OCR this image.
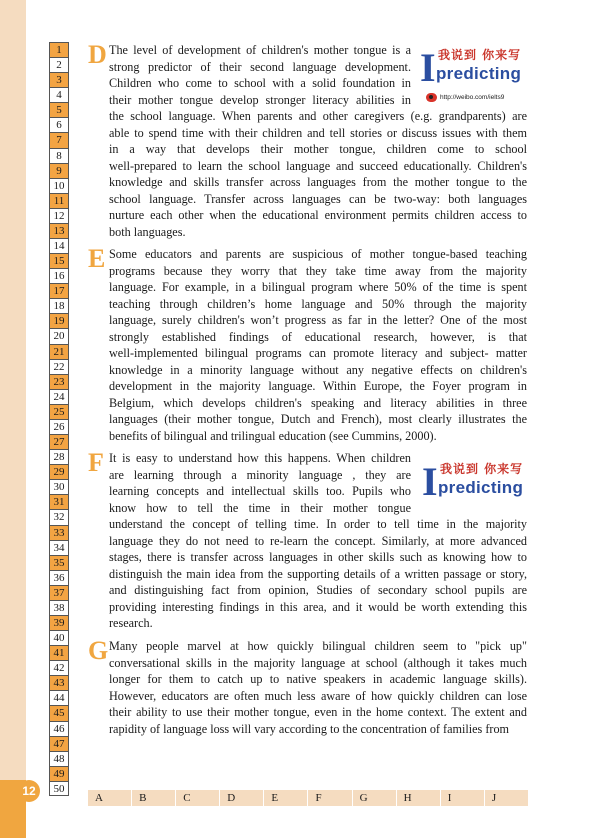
12
1
2
3
4
5
6
7
8
9
10
11
12
13
14
15
16
17
18
19
20
21
22
23
24
25
26
27
28
29
30
31
32
33
34
35
36
37
38
39
40
41
42
43
44
45
46
47
48
49
50
D The level of development of children's mother tongue is a
strong predictor of their second language development.
Children who come to school with a solid foundation in
their mother tongue develop stronger literacy abilities in
the school language. When parents and other caregivers (e.g. grandparents) are
able to spend time with their children and tell stories or discuss issues with them
in a way that develops their mother tongue, children come to school
well-prepared to learn the school language and succeed educationally. Children's
knowledge and skills transfer across languages from the mother tongue to the
school language. Transfer across languages can be two-way: both languages
nurture each other when the educational environment permits children access to
both languages.
I 我说到 你来写
predicting
http://weibo.com/ielts9
E Some educators and parents are suspicious of mother tongue-based teaching
programs because they worry that they take time away from the majority
language. For example, in a bilingual program where 50% of the time is spent
teaching through children’s home language and 50% through the majority
language, surely children's won’t progress as far in the letter? One of the most
strongly established findings of educational research, however, is that
well-implemented bilingual programs can promote literacy and subject- matter
knowledge in a minority language without any negative effects on children's
development in the majority language. Within Europe, the Foyer program in
Belgium, which develops children's speaking and literacy abilities in three
languages (their mother tongue, Dutch and French), most clearly illustrates the
benefits of bilingual and trilingual education (see Cummins, 2000).
F It is easy to understand how this happens. When children
are learning through a minority language , they are
learning concepts and intellectual skills too. Pupils who
know how to tell the time in their mother tongue
understand the concept of telling time. In order to tell time in the majority
language they do not need to re-learn the concept. Similarly, at more advanced
stages, there is transfer across languages in other skills such as knowing how to
distinguish the main idea from the supporting details of a written passage or story,
and distinguishing fact from opinion, Studies of secondary school pupils are
providing interesting findings in this area, and it would be worth extending this
research.
I 我说到 你来写
predicting
G Many people marvel at how quickly bilingual children seem to "pick up"
conversational skills in the majority language at school (although it takes much
longer for them to catch up to native speakers in academic language skills).
However, educators are often much less aware of how quickly children can lose
their ability to use their mother tongue, even in the home context. The extent and
rapidity of language loss will vary according to the concentration of families from
A	B	C	D	E	F	G	H	I	J
